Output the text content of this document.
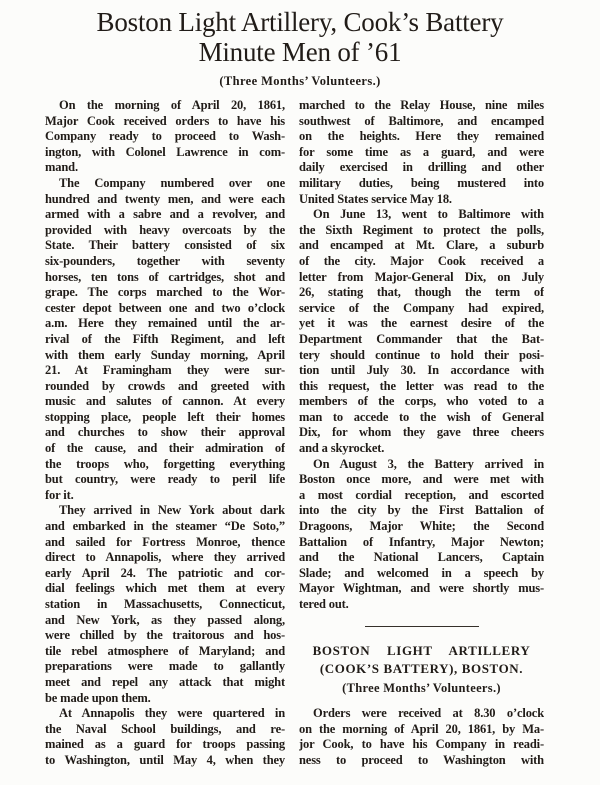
Boston Light Artillery, Cook’s Battery
Minute Men of ’61
(Three Months’ Volunteers.)
On the morning of April 20, 1861,
Major Cook received orders to have his
Company ready to proceed to Wash-
ington, with Colonel Lawrence in com-
mand.
The Company numbered over one
hundred and twenty men, and were each
armed with a sabre and a revolver, and
provided with heavy overcoats by the
State. Their battery consisted of six
six-pounders, together with seventy
horses, ten tons of cartridges, shot and
grape. The corps marched to the Wor-
cester depot between one and two o’clock
a.m. Here they remained until the ar-
rival of the Fifth Regiment, and left
with them early Sunday morning, April
21. At Framingham they were sur-
rounded by crowds and greeted with
music and salutes of cannon. At every
stopping place, people left their homes
and churches to show their approval
of the cause, and their admiration of
the troops who, forgetting everything
but country, were ready to peril life
for it.
They arrived in New York about dark
and embarked in the steamer “De Soto,”
and sailed for Fortress Monroe, thence
direct to Annapolis, where they arrived
early April 24. The patriotic and cor-
dial feelings which met them at every
station in Massachusetts, Connecticut,
and New York, as they passed along,
were chilled by the traitorous and hos-
tile rebel atmosphere of Maryland; and
preparations were made to gallantly
meet and repel any attack that might
be made upon them.
At Annapolis they were quartered in
the Naval School buildings, and re-
mained as a guard for troops passing
to Washington, until May 4, when they
marched to the Relay House, nine miles
southwest of Baltimore, and encamped
on the heights. Here they remained
for some time as a guard, and were
daily exercised in drilling and other
military duties, being mustered into
United States service May 18.
On June 13, went to Baltimore with
the Sixth Regiment to protect the polls,
and encamped at Mt. Clare, a suburb
of the city. Major Cook received a
letter from Major-General Dix, on July
26, stating that, though the term of
service of the Company had expired,
yet it was the earnest desire of the
Department Commander that the Bat-
tery should continue to hold their posi-
tion until July 30. In accordance with
this request, the letter was read to the
members of the corps, who voted to a
man to accede to the wish of General
Dix, for whom they gave three cheers
and a skyrocket.
On August 3, the Battery arrived in
Boston once more, and were met with
a most cordial reception, and escorted
into the city by the First Battalion of
Dragoons, Major White; the Second
Battalion of Infantry, Major Newton;
and the National Lancers, Captain
Slade; and welcomed in a speech by
Mayor Wightman, and were shortly mus-
tered out.
BOSTON LIGHT ARTILLERY
(COOK’S BATTERY), BOSTON.
(Three Months’ Volunteers.)
Orders were received at 8.30 o’clock
on the morning of April 20, 1861, by Ma-
jor Cook, to have his Company in readi-
ness to proceed to Washington with
